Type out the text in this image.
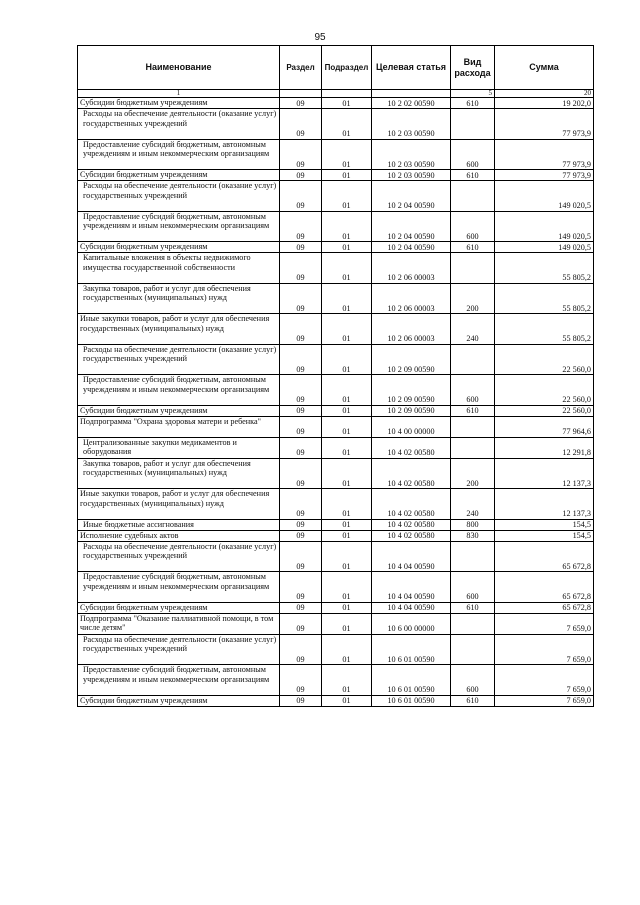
95
Наименование	Раздел	Подраздел	Целевая статья	Вид расхода	Сумма
1				5	20
Субсидии бюджетным учреждениям	09	01	10 2 02 00590	610	19 202,0
Расходы на обеспечение деятельности (оказание услуг) государственных учреждений	09	01	10 2 03 00590		77 973,9
Предоставление субсидий бюджетным, автономным учреждениям и иным некоммерческим организациям	09	01	10 2 03 00590	600	77 973,9
Субсидии бюджетным учреждениям	09	01	10 2 03 00590	610	77 973,9
Расходы на обеспечение деятельности (оказание услуг) государственных учреждений	09	01	10 2 04 00590		149 020,5
Предоставление субсидий бюджетным, автономным учреждениям и иным некоммерческим организациям	09	01	10 2 04 00590	600	149 020,5
Субсидии бюджетным учреждениям	09	01	10 2 04 00590	610	149 020,5
Капитальные вложения в объекты недвижимого имущества государственной собственности	09	01	10 2 06 00003		55 805,2
Закупка товаров, работ и услуг для обеспечения государственных (муниципальных) нужд	09	01	10 2 06 00003	200	55 805,2
Иные закупки товаров, работ и услуг для обеспечения государственных (муниципальных) нужд	09	01	10 2 06 00003	240	55 805,2
Расходы на обеспечение деятельности (оказание услуг) государственных учреждений	09	01	10 2 09 00590		22 560,0
Предоставление субсидий бюджетным, автономным учреждениям и иным некоммерческим организациям	09	01	10 2 09 00590	600	22 560,0
Субсидии бюджетным учреждениям	09	01	10 2 09 00590	610	22 560,0
Подпрограмма "Охрана здоровья матери и ребенка"	09	01	10 4 00 00000		77 964,6
Централизованные закупки медикаментов и оборудования	09	01	10 4 02 00580		12 291,8
Закупка товаров, работ и услуг для обеспечения государственных (муниципальных) нужд	09	01	10 4 02 00580	200	12 137,3
Иные закупки товаров, работ и услуг для обеспечения государственных (муниципальных) нужд	09	01	10 4 02 00580	240	12 137,3
Иные бюджетные ассигнования	09	01	10 4 02 00580	800	154,5
Исполнение судебных актов	09	01	10 4 02 00580	830	154,5
Расходы на обеспечение деятельности (оказание услуг) государственных учреждений	09	01	10 4 04 00590		65 672,8
Предоставление субсидий бюджетным, автономным учреждениям и иным некоммерческим организациям	09	01	10 4 04 00590	600	65 672,8
Субсидии бюджетным учреждениям	09	01	10 4 04 00590	610	65 672,8
Подпрограмма "Оказание паллиативной помощи, в том числе детям"	09	01	10 6 00 00000		7 659,0
Расходы на обеспечение деятельности (оказание услуг) государственных учреждений	09	01	10 6 01 00590		7 659,0
Предоставление субсидий бюджетным, автономным учреждениям и иным некоммерческим организациям	09	01	10 6 01 00590	600	7 659,0
Субсидии бюджетным учреждениям	09	01	10 6 01 00590	610	7 659,0
